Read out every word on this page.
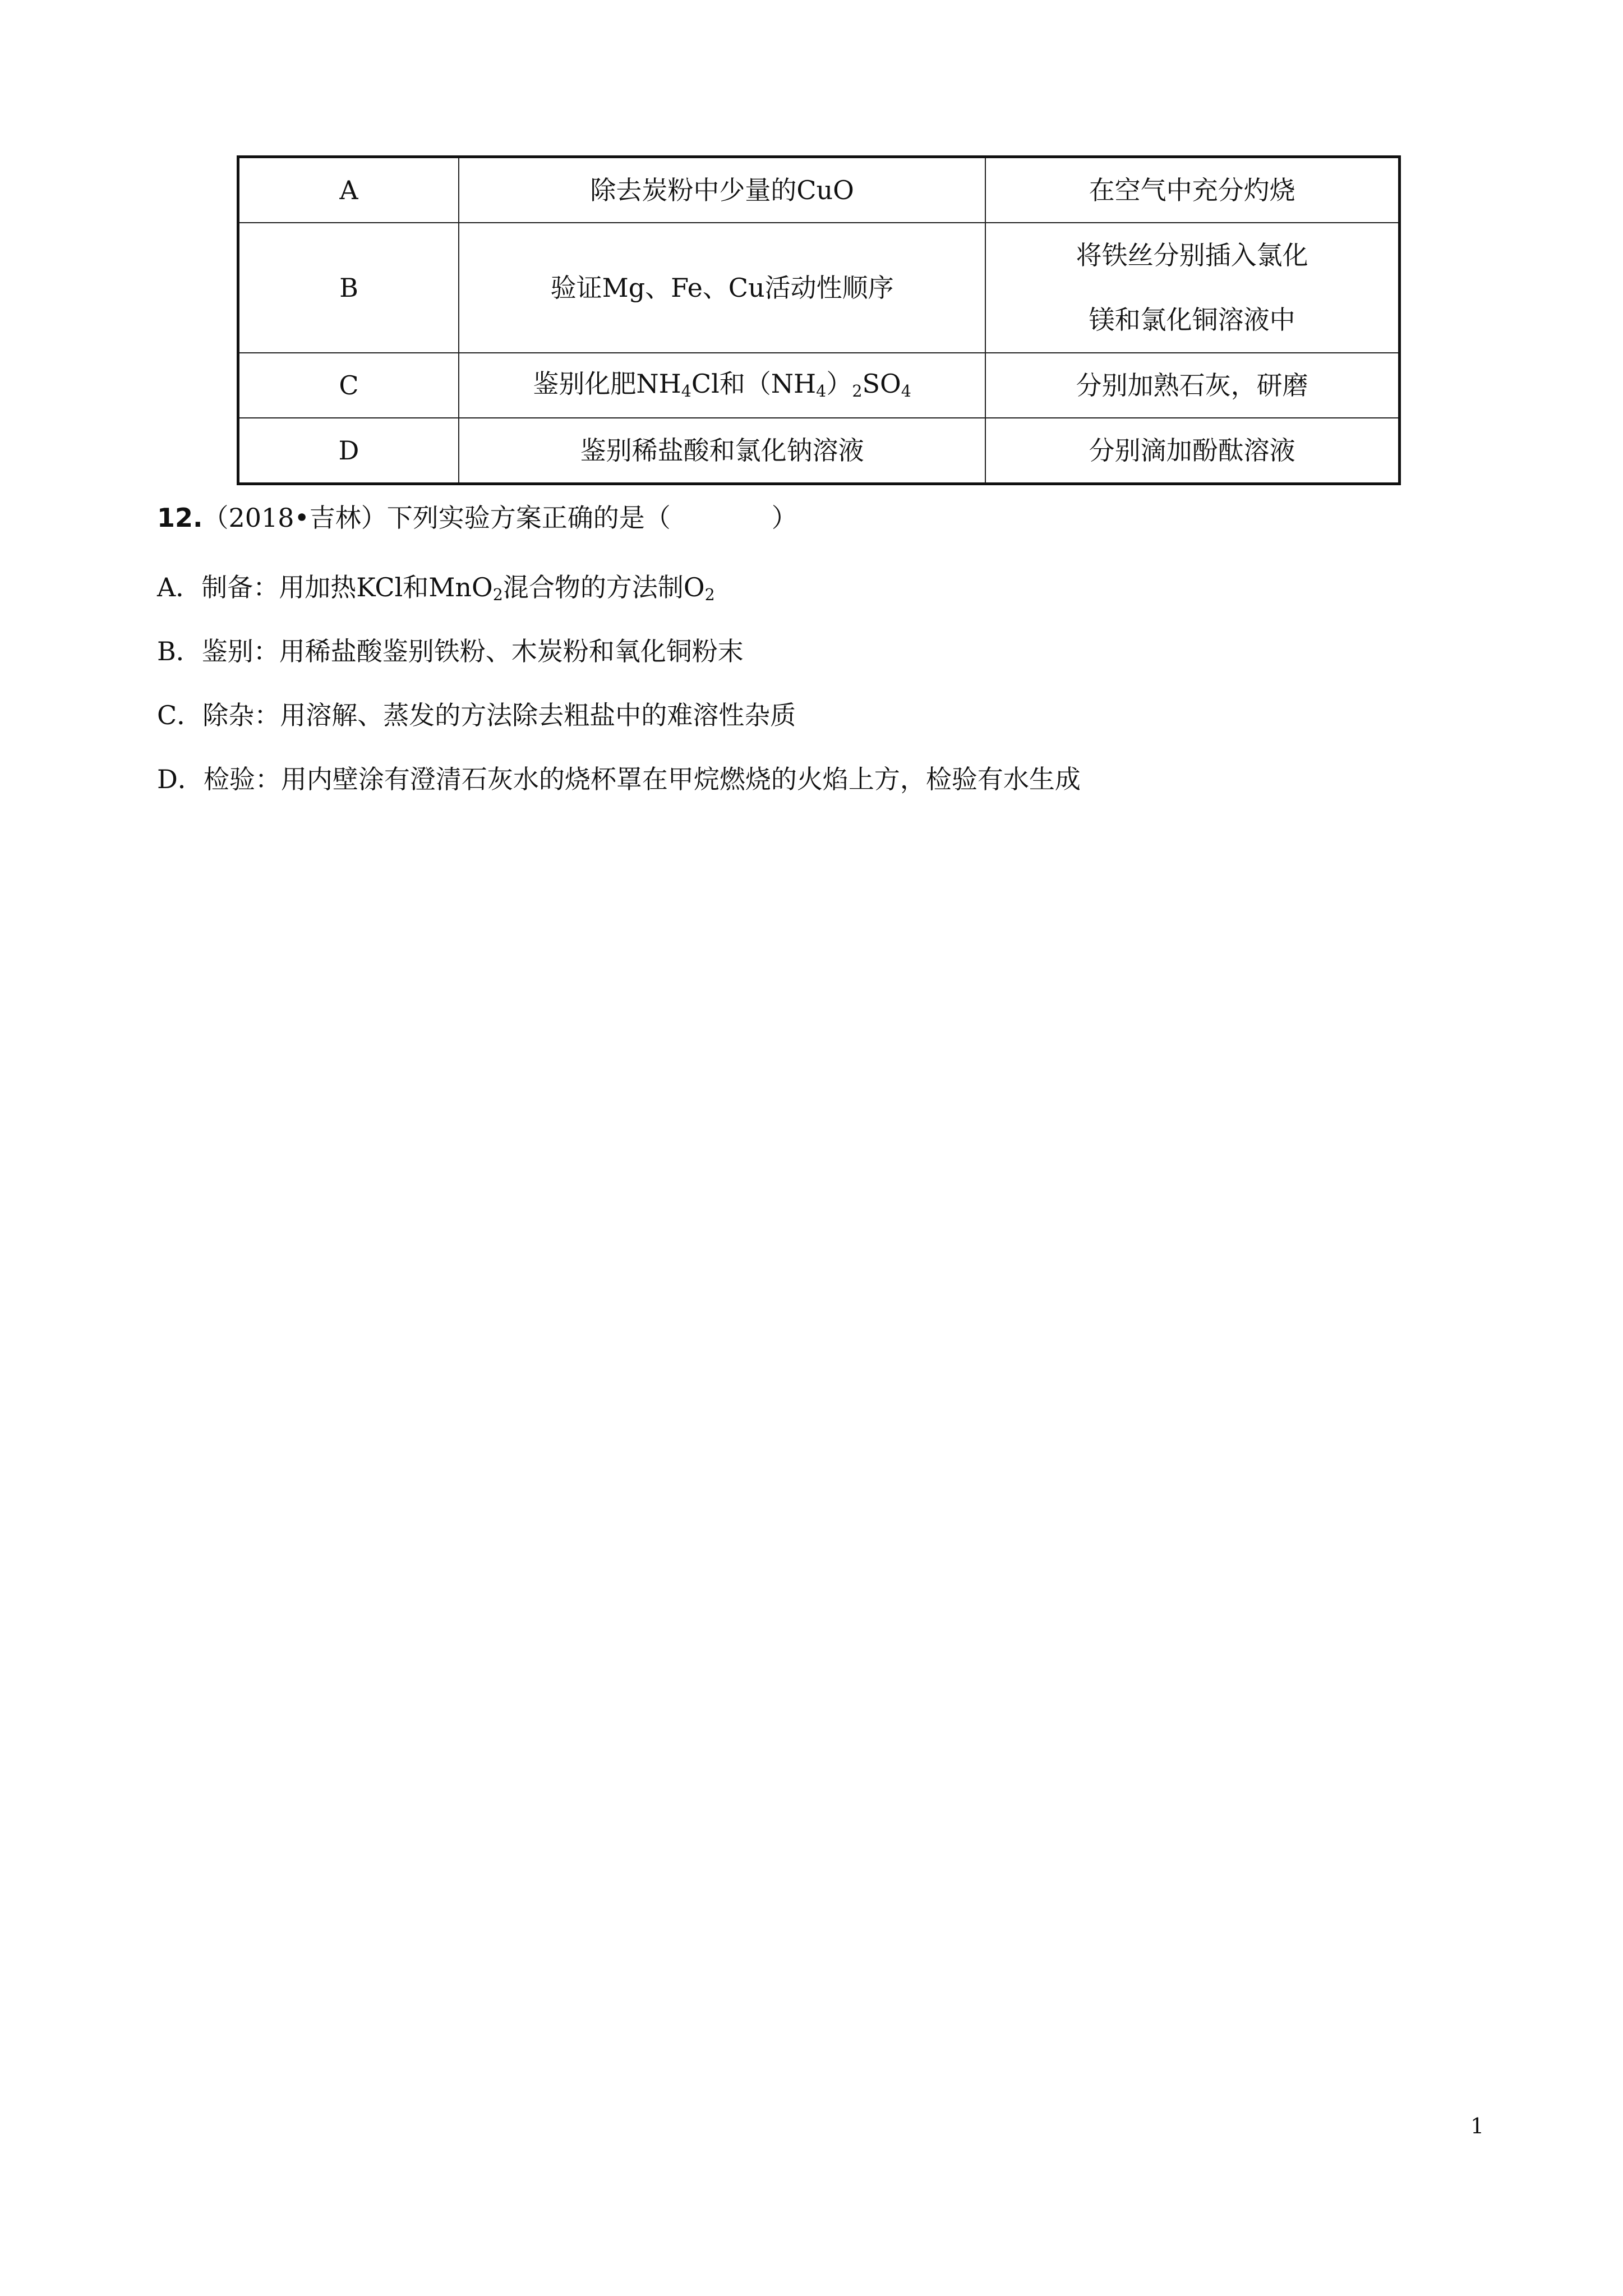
A	除去炭粉中少量的CuO	在空气中充分灼烧
B	验证Mg、Fe、Cu活动性顺序	将铁丝分别插入氯化
镁和氯化铜溶液中

C	鉴别化肥$NH_4Cl$和$(NH_4)_2SO_4$	分别加熟石灰，研磨
D	鉴别稀盐酸和氯化钠溶液	分别滴加酚酞溶液
12.（2018•吉林）下列实验方案正确的是（	）
A．制备：用加热KCl和MnO$_2$混合物的方法制$O_2$
B．鉴别：用稀盐酸鉴别铁粉、木炭粉和氧化铜粉末
C．除杂：用溶解、蒸发的方法除去粗盐中的难溶性杂质
D．检验：用内壁涂有澄清石灰水的烧杯罩在甲烷燃烧的火焰上方，检验有水生成
1
